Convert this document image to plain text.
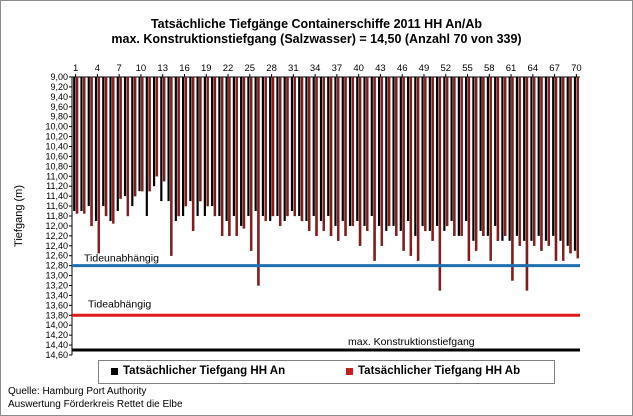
Tatsächliche Tiefgänge Containerschiffe 2011 HH An/Ab
max. Konstruktionstiefgang (Salzwasser) = 14,50 (Anzahl 70 von 339)
9,00
9,20
9,40
9,60
9,80
10,00
10,20
10,40
10,60
10,80
11,00
11,20
11,40
11,60
11,80
12,00
12,20
12,40
12,60
12,80
13,00
13,20
13,40
13,60
13,80
14,00
14,20
14,40
14,60
Tiefgang (m)
1 4 7 10 13 16 19 22 25 28 31 34 37 40 43 46 49 52 55 58 61 64 67 70
Tideunabhängig
Tideabhängig
max. Konstruktionstiefgang
Tatsächlicher Tiefgang HH An	Tatsächlicher Tiefgang HH Ab
Quelle: Hamburg Port Authority
Auswertung Förderkreis Rettet die Elbe
